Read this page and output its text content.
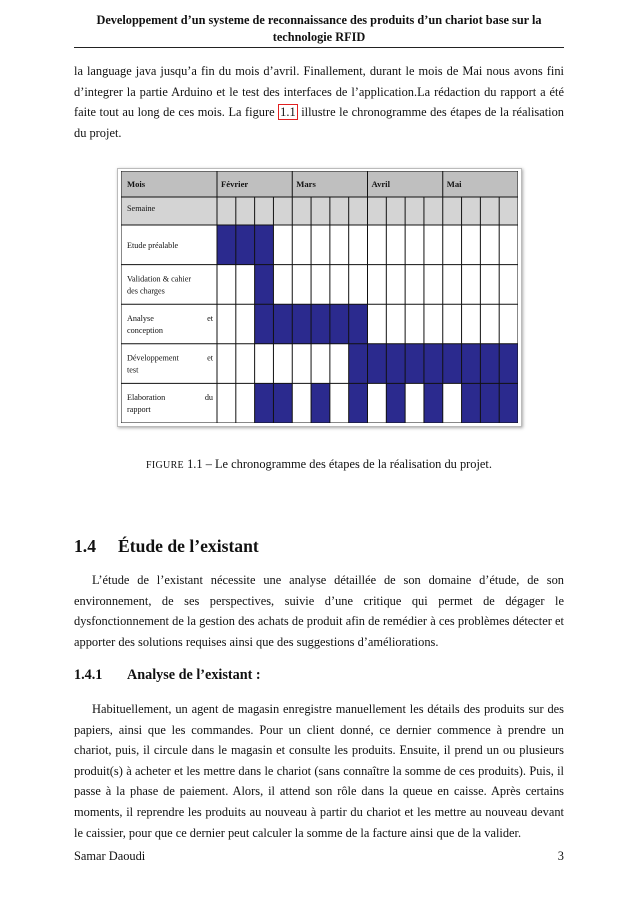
Developpement d’un systeme de reconnaissance des produits d’un chariot base sur la
technologie RFID

la language java jusqu’a fin du mois d’avril. Finallement, durant le mois de Mai nous avons fini d’integrer la partie Arduino et le test des interfaces de l’application.La rédaction du rapport a été faite tout au long de ces mois. La figure 1.1 illustre le chronogramme des étapes de la réalisation du projet.

Mois	Février	Mars	Avril	Mai
Semaine
Etude préalable
Validation & cahier
des charges
Analyse	et
conception
Développement	et
test
Elaboration	du
rapport
FIGURE 1.1 – Le chronogramme des étapes de la réalisation du projet.
1.4 Étude de l’existant

L’étude de l’existant nécessite une analyse détaillée de son domaine d’étude, de son environnement, de ses perspectives, suivie d’une critique qui permet de dégager le dysfonctionnement de la gestion des achats de produit afin de remédier à ces problèmes détecter et apporter des solutions requises ainsi que des suggestions d’améliorations.

1.4.1 Analyse de l’existant :

Habituellement, un agent de magasin enregistre manuellement les détails des produits sur des papiers, ainsi que les commandes. Pour un client donné, ce dernier commence à prendre un chariot, puis, il circule dans le magasin et consulte les produits. Ensuite, il prend un ou plusieurs produit(s) à acheter et les mettre dans le chariot (sans connaître la somme de ces produits). Puis, il passe à la phase de paiement. Alors, il attend son rôle dans la queue en caisse. Après certains moments, il reprendre les produits au nouveau à partir du chariot et les mettre au nouveau devant le caissier, pour que ce dernier peut calculer la somme de la facture ainsi que de la valider.

Samar Daoudi	3
